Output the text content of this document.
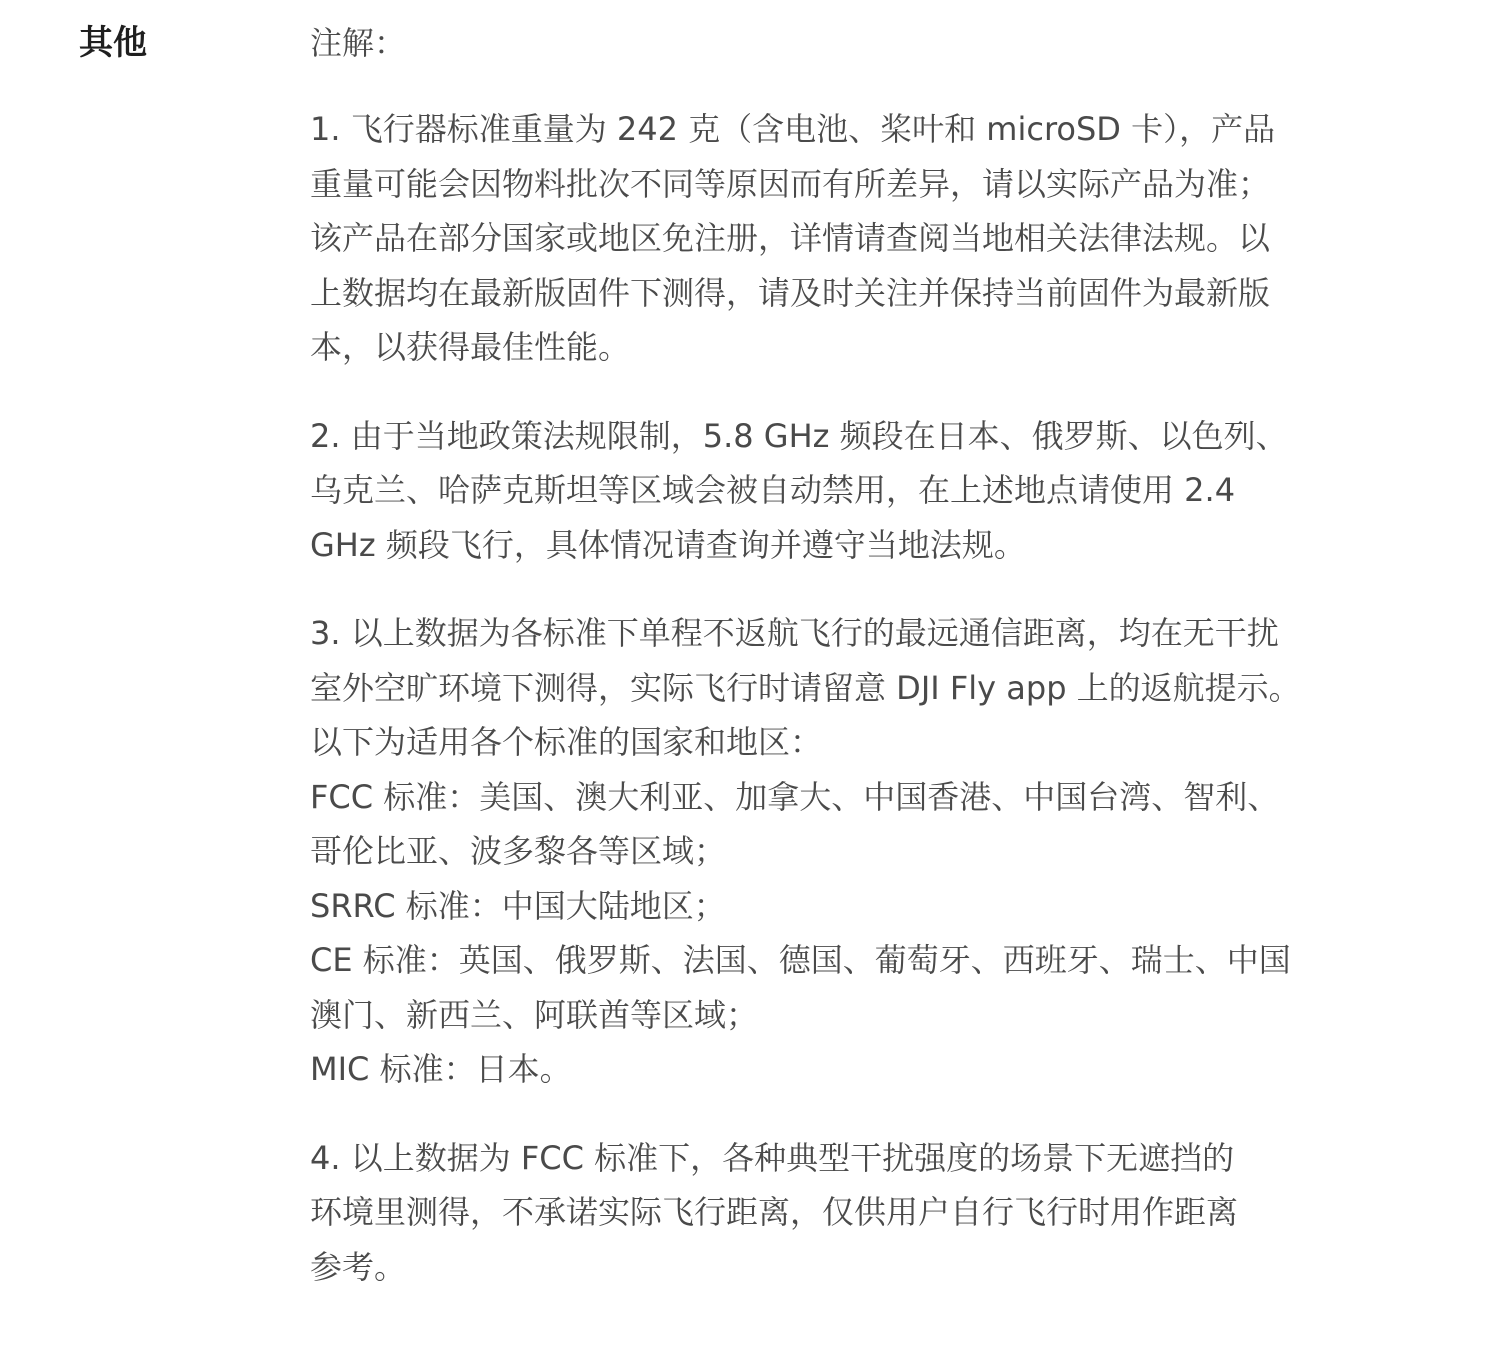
其他	注解：

1. 飞行器标准重量为 242 克（含电池、桨叶和 microSD 卡），产品
重量可能会因物料批次不同等原因而有所差异，请以实际产品为准；
该产品在部分国家或地区免注册，详情请查阅当地相关法律法规。以
上数据均在最新版固件下测得，请及时关注并保持当前固件为最新版
本，以获得最佳性能。
2. 由于当地政策法规限制，5.8 GHz 频段在日本、俄罗斯、以色列、
乌克兰、哈萨克斯坦等区域会被自动禁用，在上述地点请使用 2.4
GHz 频段飞行，具体情况请查询并遵守当地法规。
3. 以上数据为各标准下单程不返航飞行的最远通信距离，均在无干扰
室外空旷环境下测得，实际飞行时请留意 DJI Fly app 上的返航提示。
以下为适用各个标准的国家和地区：
FCC 标准：美国、澳大利亚、加拿大、中国香港、中国台湾、智利、
哥伦比亚、波多黎各等区域；
SRRC 标准：中国大陆地区；
CE 标准：英国、俄罗斯、法国、德国、葡萄牙、西班牙、瑞士、中国
澳门、新西兰、阿联酋等区域；
MIC 标准：日本。
4. 以上数据为 FCC 标准下，各种典型干扰强度的场景下无遮挡的
环境里测得，不承诺实际飞行距离，仅供用户自行飞行时用作距离
参考。
